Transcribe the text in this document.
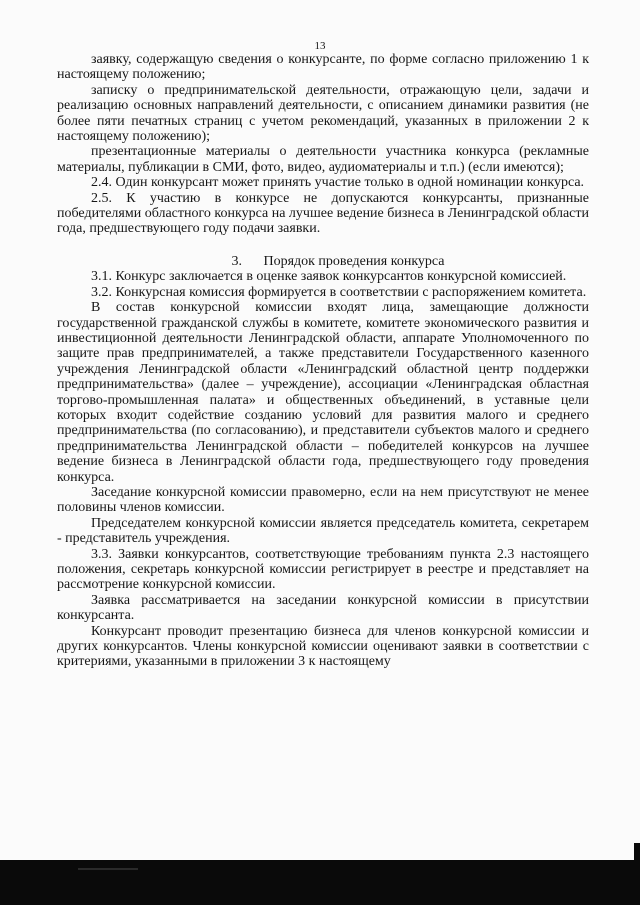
13

заявку, содержащую сведения о конкурсанте, по форме согласно приложению 1 к настоящему положению;

записку о предпринимательской деятельности, отражающую цели, задачи и реализацию основных направлений деятельности, с описанием динамики развития (не более пяти печатных страниц с учетом рекомендаций, указанных в приложении 2 к настоящему положению);

презентационные материалы о деятельности участника конкурса (рекламные материалы, публикации в СМИ, фото, видео, аудиоматериалы и т.п.) (если имеются);

2.4. Один конкурсант может принять участие только в одной номинации конкурса.

2.5. К участию в конкурсе не допускаются конкурсанты, признанные победителями областного конкурса на лучшее ведение бизнеса в Ленинградской области года, предшествующего году подачи заявки.

3. Порядок проведения конкурса

3.1. Конкурс заключается в оценке заявок конкурсантов конкурсной комиссией.

3.2. Конкурсная комиссия формируется в соответствии с распоряжением комитета.

В состав конкурсной комиссии входят лица, замещающие должности государственной гражданской службы в комитете, комитете экономического развития и инвестиционной деятельности Ленинградской области, аппарате Уполномоченного по защите прав предпринимателей, а также представители Государственного казенного учреждения Ленинградской области «Ленинградский областной центр поддержки предпринимательства» (далее – учреждение), ассоциации «Ленинградская областная торгово-промышленная палата» и общественных объединений, в уставные цели которых входит содействие созданию условий для развития малого и среднего предпринимательства (по согласованию), и представители субъектов малого и среднего предпринимательства Ленинградской области – победителей конкурсов на лучшее ведение бизнеса в Ленинградской области года, предшествующего году проведения конкурса.

Заседание конкурсной комиссии правомерно, если на нем присутствуют не менее половины членов комиссии.

Председателем конкурсной комиссии является председатель комитета, секретарем - представитель учреждения.

3.3. Заявки конкурсантов, соответствующие требованиям пункта 2.3 настоящего положения, секретарь конкурсной комиссии регистрирует в реестре и представляет на рассмотрение конкурсной комиссии.

Заявка рассматривается на заседании конкурсной комиссии в присутствии конкурсанта.

Конкурсант проводит презентацию бизнеса для членов конкурсной комиссии и других конкурсантов. Члены конкурсной комиссии оценивают заявки в соответствии с критериями, указанными в приложении 3 к настоящему
